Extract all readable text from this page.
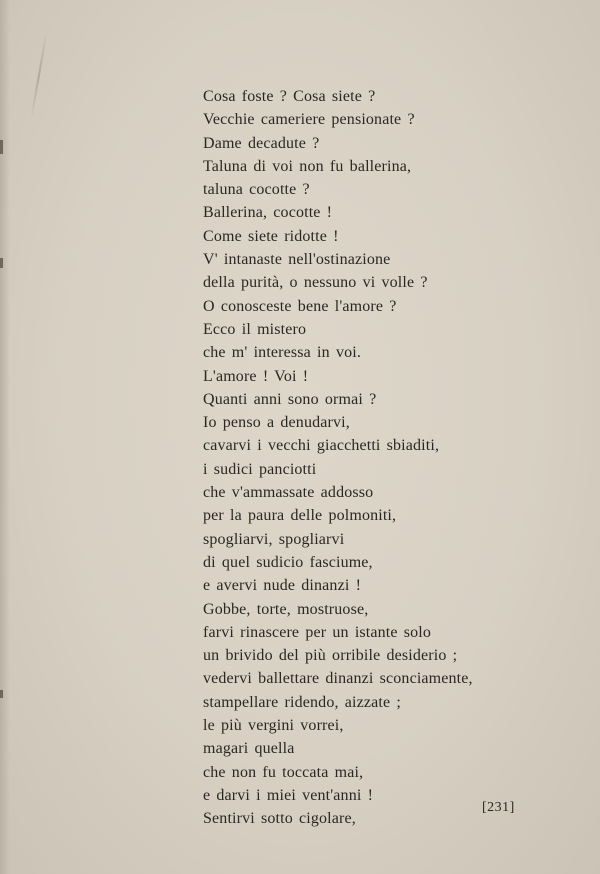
Cosa foste ? Cosa siete ?
Vecchie cameriere pensionate ?
Dame decadute ?
Taluna di voi non fu ballerina,
taluna cocotte ?
Ballerina, cocotte !
Come siete ridotte !
V' intanaste nell'ostinazione
della purità, o nessuno vi volle ?
O conosceste bene l'amore ?
Ecco il mistero
che m' interessa in voi.
L'amore ! Voi !
Quanti anni sono ormai ?
Io penso a denudarvi,
cavarvi i vecchi giacchetti sbiaditi,
i sudici panciotti
che v'ammassate addosso
per la paura delle polmoniti,
spogliarvi, spogliarvi
di quel sudicio fasciume,
e avervi nude dinanzi !
Gobbe, torte, mostruose,
farvi rinascere per un istante solo
un brivido del più orribile desiderio ;
vedervi ballettare dinanzi sconciamente,
stampellare ridendo, aizzate ;
le più vergini vorrei,
magari quella
che non fu toccata mai,
e darvi i miei vent'anni !
Sentirvi sotto cigolare,
[231]
